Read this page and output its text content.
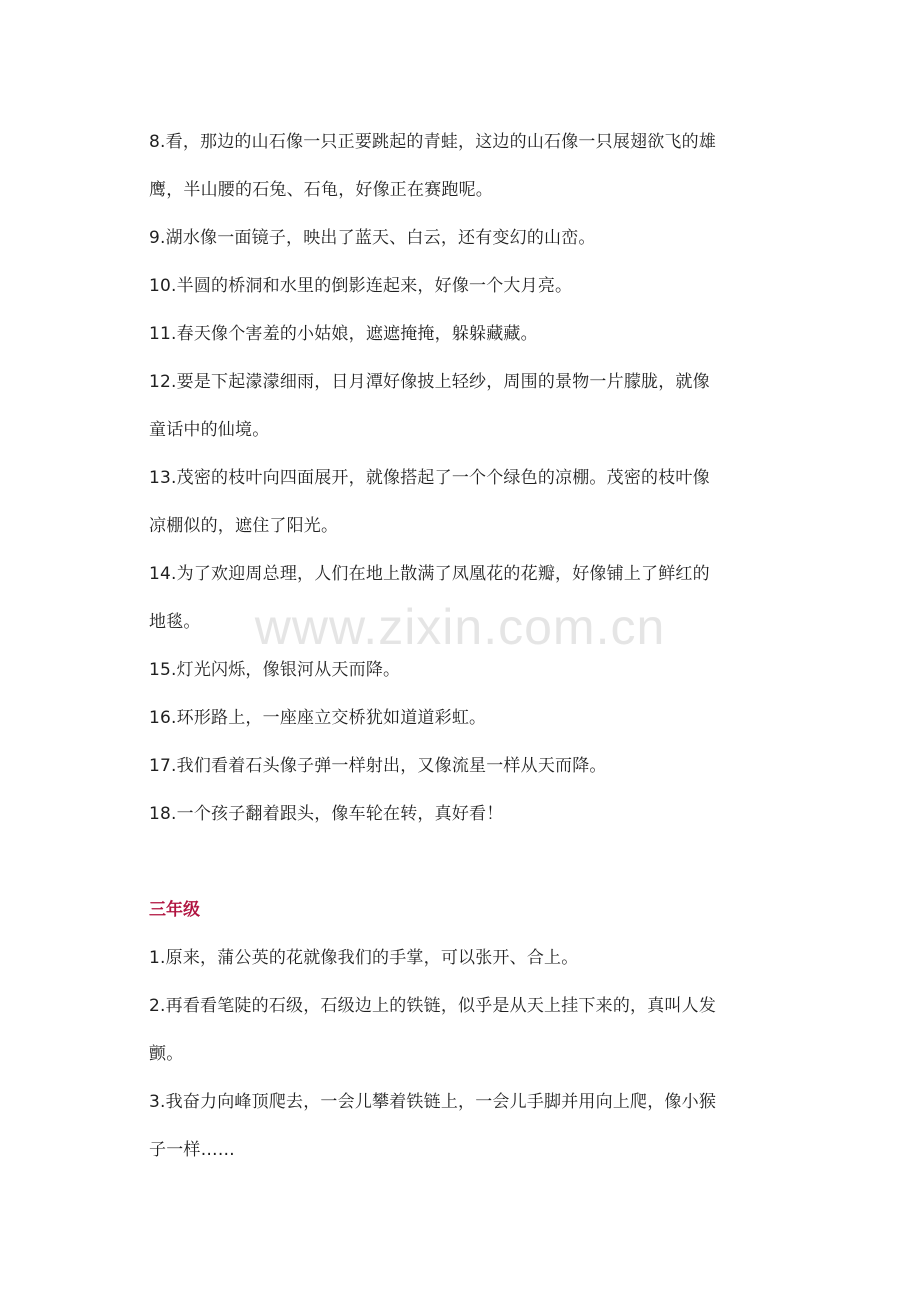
8.看，那边的山石像一只正要跳起的青蛙，这边的山石像一只展翅欲飞的雄
鹰，半山腰的石兔、石龟，好像正在赛跑呢。
9.湖水像一面镜子，映出了蓝天、白云，还有变幻的山峦。
10.半圆的桥洞和水里的倒影连起来，好像一个大月亮。
11.春天像个害羞的小姑娘，遮遮掩掩，躲躲藏藏。
12.要是下起濛濛细雨，日月潭好像披上轻纱，周围的景物一片朦胧，就像
童话中的仙境。
13.茂密的枝叶向四面展开，就像搭起了一个个绿色的凉棚。茂密的枝叶像
凉棚似的，遮住了阳光。
14.为了欢迎周总理，人们在地上散满了凤凰花的花瓣，好像铺上了鲜红的
地毯。
15.灯光闪烁，像银河从天而降。
16.环形路上，一座座立交桥犹如道道彩虹。
17.我们看着石头像子弹一样射出，又像流星一样从天而降。
18.一个孩子翻着跟头，像车轮在转，真好看！
三年级
1.原来，蒲公英的花就像我们的手掌，可以张开、合上。
2.再看看笔陡的石级，石级边上的铁链，似乎是从天上挂下来的，真叫人发
颤。
3.我奋力向峰顶爬去，一会儿攀着铁链上，一会儿手脚并用向上爬，像小猴
子一样……
www.zixin.com.cn
